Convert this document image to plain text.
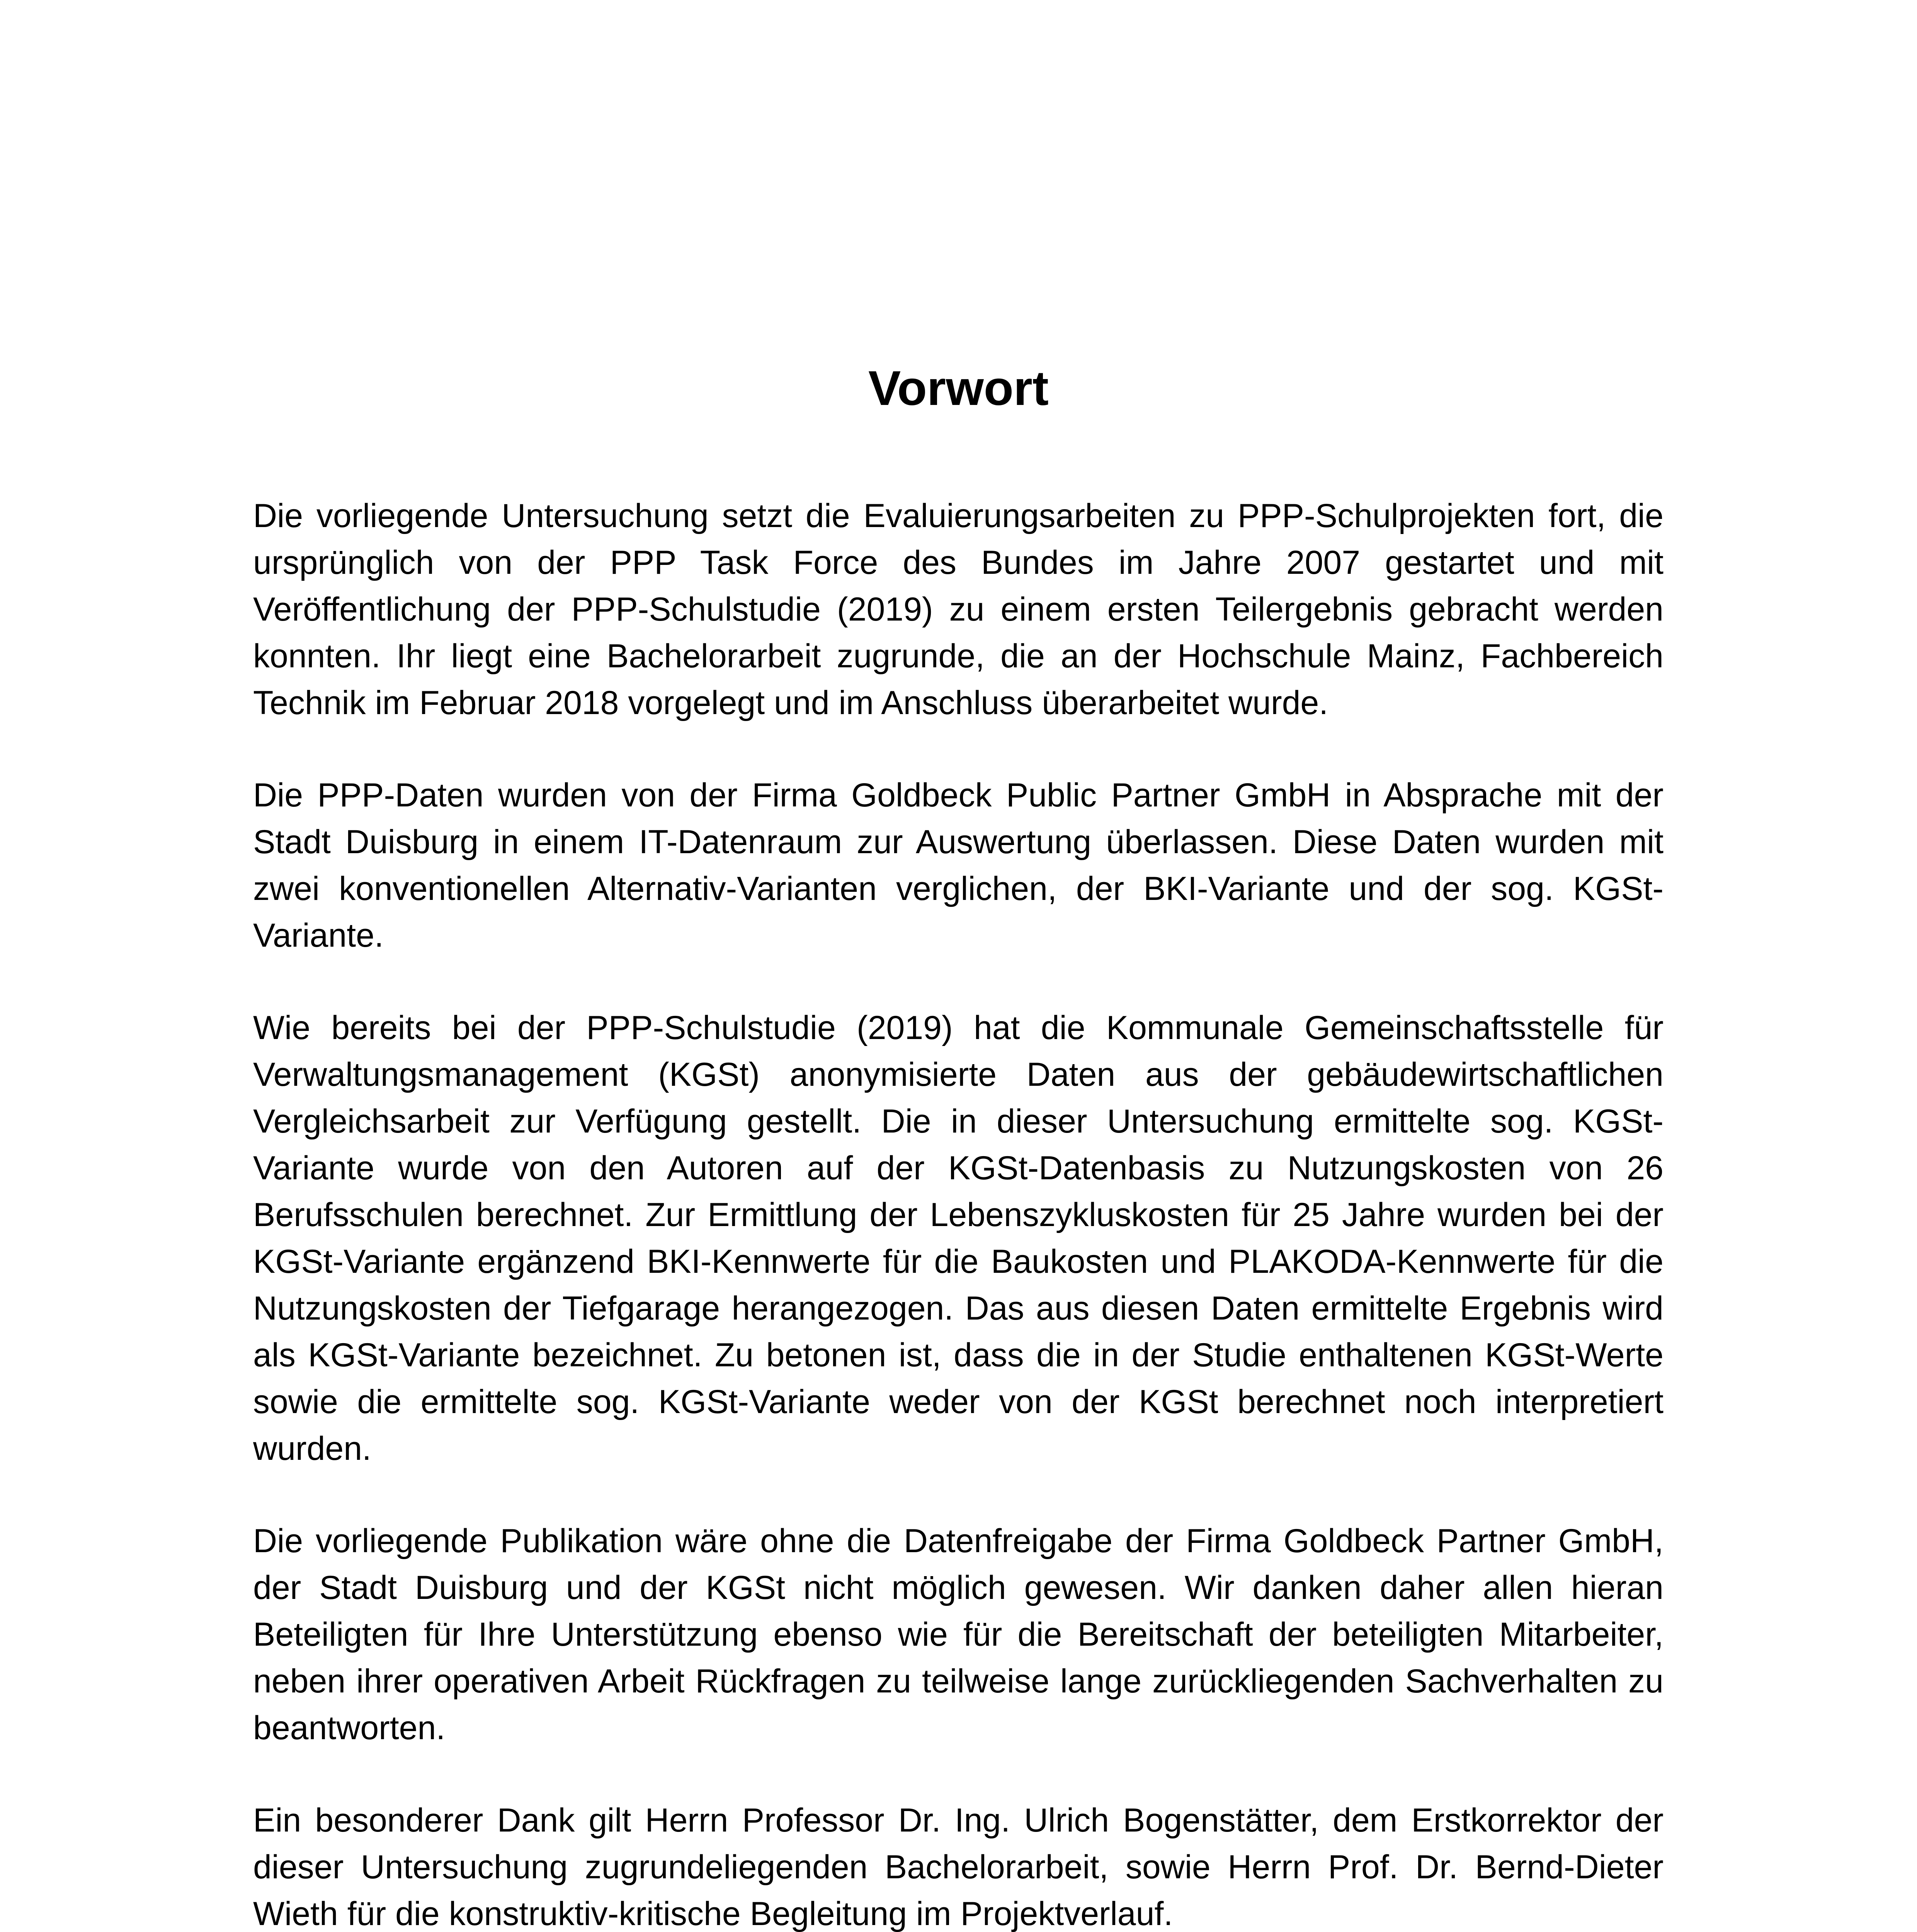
Vorwort

Die vorliegende Untersuchung setzt die Evaluierungsarbeiten zu PPP-Schulprojekten fort, die ursprünglich von der PPP Task Force des Bundes im Jahre 2007 gestartet und mit Veröffentlichung der PPP-Schulstudie (2019) zu einem ersten Teilergebnis gebracht werden konnten. Ihr liegt eine Bachelorarbeit zugrunde, die an der Hochschule Mainz, Fachbereich Technik im Februar 2018 vorgelegt und im Anschluss überarbeitet wurde.

Die PPP-Daten wurden von der Firma Goldbeck Public Partner GmbH in Absprache mit der Stadt Duisburg in einem IT-Datenraum zur Auswertung überlassen. Diese Daten wurden mit zwei konventionellen Alternativ-Varianten verglichen, der BKI-Variante und der sog. KGSt-Variante.

Wie bereits bei der PPP-Schulstudie (2019) hat die Kommunale Gemeinschaftsstelle für Verwaltungsmanagement (KGSt) anonymisierte Daten aus der gebäudewirtschaftlichen Vergleichsarbeit zur Verfügung gestellt. Die in dieser Untersuchung ermittelte sog. KGSt-Variante wurde von den Autoren auf der KGSt-Datenbasis zu Nutzungskosten von 26 Berufsschulen berechnet. Zur Ermittlung der Lebenszykluskosten für 25 Jahre wurden bei der KGSt-Variante ergänzend BKI-Kennwerte für die Baukosten und PLAKODA-Kennwerte für die Nutzungskosten der Tiefgarage herangezogen. Das aus diesen Daten ermittelte Ergebnis wird als KGSt-Variante bezeichnet. Zu betonen ist, dass die in der Studie enthaltenen KGSt-Werte sowie die ermittelte sog. KGSt-Variante weder von der KGSt berechnet noch interpretiert wurden.

Die vorliegende Publikation wäre ohne die Datenfreigabe der Firma Goldbeck Partner GmbH, der Stadt Duisburg und der KGSt nicht möglich gewesen. Wir danken daher allen hieran Beteiligten für Ihre Unterstützung ebenso wie für die Bereitschaft der beteiligten Mitarbeiter, neben ihrer operativen Arbeit Rückfragen zu teilweise lange zurückliegenden Sachverhalten zu beantworten.

Ein besonderer Dank gilt Herrn Professor Dr. Ing. Ulrich Bogenstätter, dem Erstkorrektor der dieser Untersuchung zugrundeliegenden Bachelorarbeit, sowie Herrn Prof. Dr. Bernd-Dieter Wieth für die konstruktiv-kritische Begleitung im Projektverlauf.
